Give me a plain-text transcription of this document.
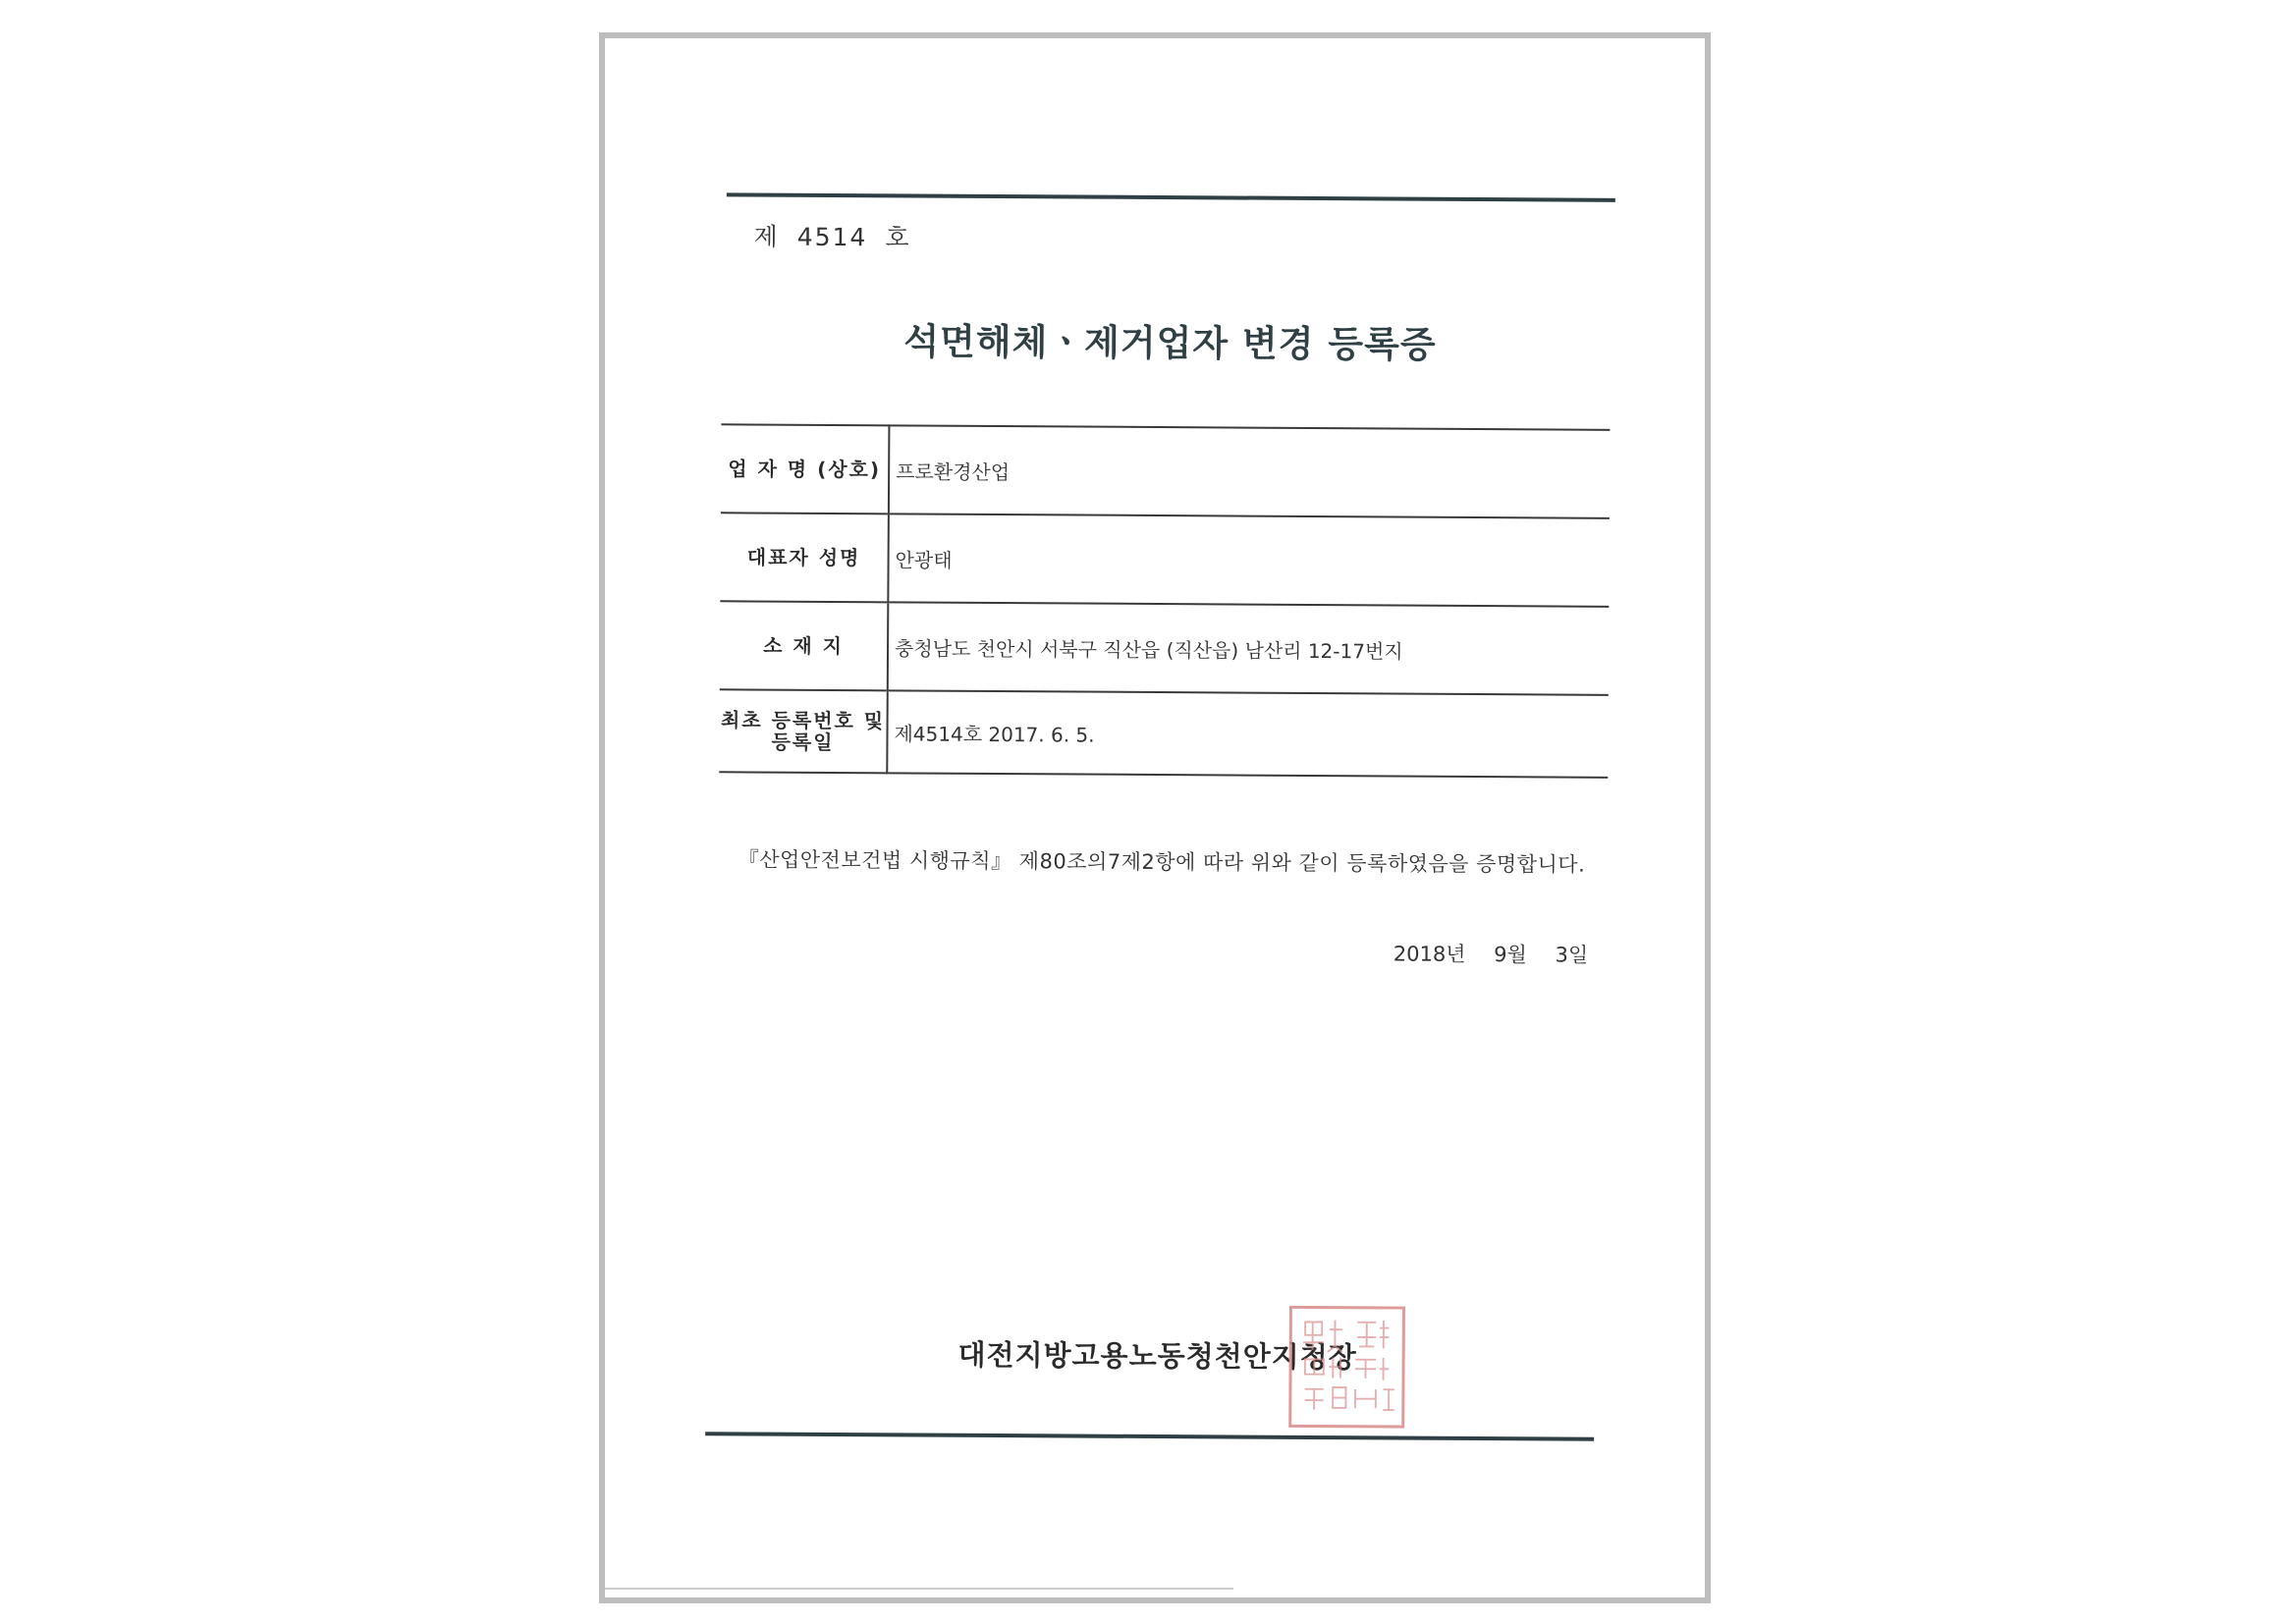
제 4514 호
석면해체ㆍ제거업자 변경 등록증
업 자 명 (상호)	프로환경산업
대표자 성명	안광태
소 재 지	충청남도 천안시 서북구 직산읍 (직산읍) 남산리 12-17번지

최초 등록번호 및
등록일	제4514호 2017. 6. 5.
『산업안전보건법 시행규칙』 제80조의7제2항에 따라 위와 같이 등록하였음을 증명합니다.
2018년 9월 3일
대전지방고용노동청천안지청장
